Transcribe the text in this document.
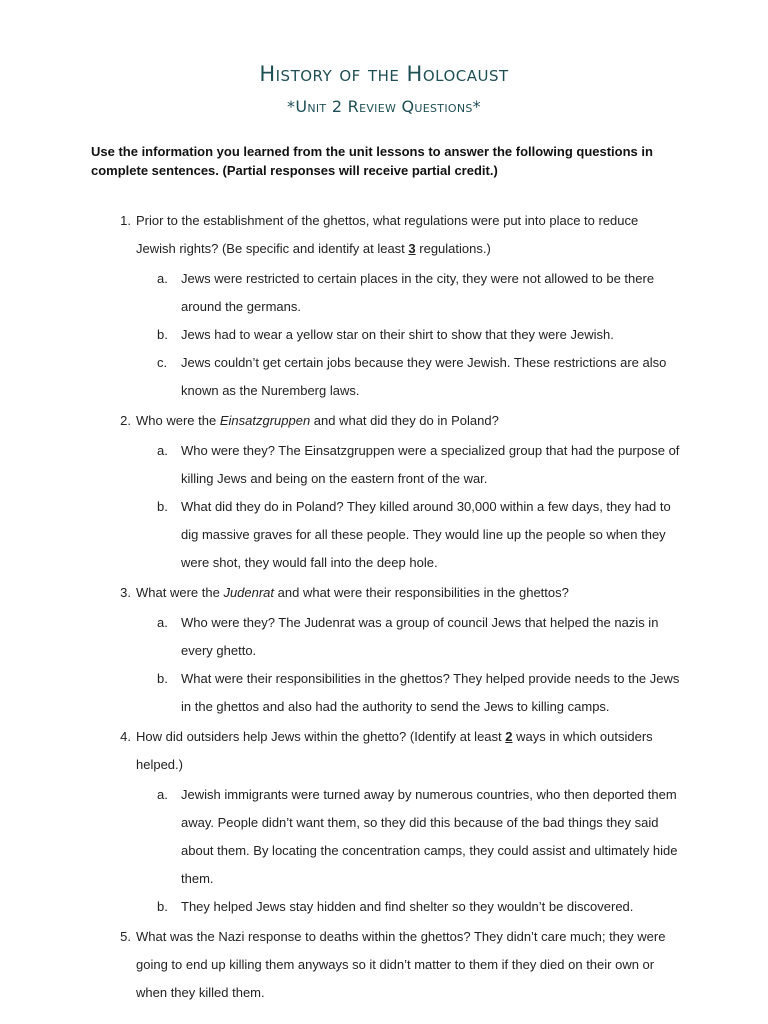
History of the Holocaust
*Unit 2 Review Questions*
Use the information you learned from the unit lessons to answer the following questions in complete sentences. (Partial responses will receive partial credit.)
1. Prior to the establishment of the ghettos, what regulations were put into place to reduce Jewish rights? (Be specific and identify at least 3 regulations.)
a.	Jews were restricted to certain places in the city, they were not allowed to be there around the germans.
b.	Jews had to wear a yellow star on their shirt to show that they were Jewish.
c.	Jews couldn’t get certain jobs because they were Jewish. These restrictions are also known as the Nuremberg laws.
2. Who were the Einsatzgruppen and what did they do in Poland?
a.	Who were they? The Einsatzgruppen were a specialized group that had the purpose of killing Jews and being on the eastern front of the war.
b.	What did they do in Poland? They killed around 30,000 within a few days, they had to dig massive graves for all these people. They would line up the people so when they were shot, they would fall into the deep hole.
3. What were the Judenrat and what were their responsibilities in the ghettos?
a.	Who were they? The Judenrat was a group of council Jews that helped the nazis in every ghetto.
b.	What were their responsibilities in the ghettos? They helped provide needs to the Jews in the ghettos and also had the authority to send the Jews to killing camps.
4. How did outsiders help Jews within the ghetto? (Identify at least 2 ways in which outsiders helped.)
a.	Jewish immigrants were turned away by numerous countries, who then deported them away. People didn’t want them, so they did this because of the bad things they said about them. By locating the concentration camps, they could assist and ultimately hide them.
b.	They helped Jews stay hidden and find shelter so they wouldn’t be discovered.
5. What was the Nazi response to deaths within the ghettos? They didn’t care much; they were going to end up killing them anyways so it didn’t matter to them if they died on their own or when they killed them.
